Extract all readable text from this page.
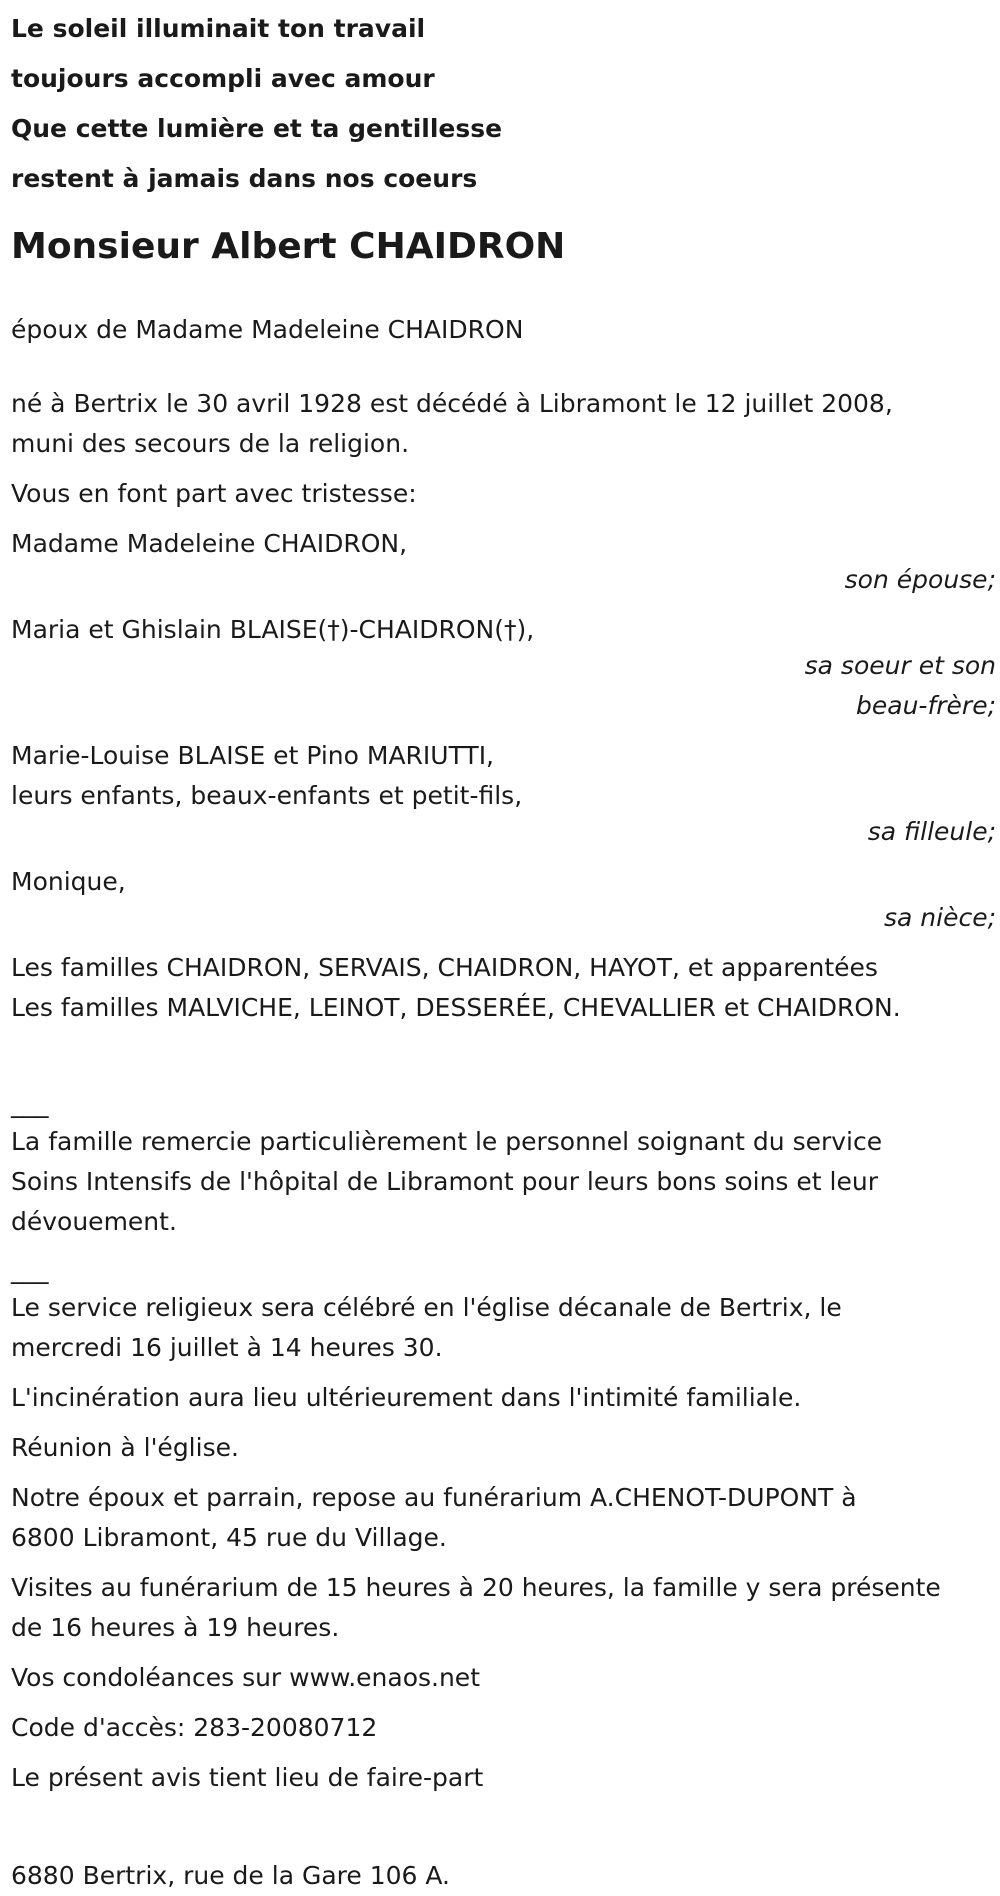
Le soleil illuminait ton travail

toujours accompli avec amour

Que cette lumière et ta gentillesse

restent à jamais dans nos coeurs

Monsieur Albert CHAIDRON

époux de Madame Madeleine CHAIDRON

né à Bertrix le 30 avril 1928 est décédé à Libramont le 12 juillet 2008,

muni des secours de la religion.

Vous en font part avec tristesse:

Madame Madeleine CHAIDRON,

son épouse;

Maria et Ghislain BLAISE(†)-CHAIDRON(†),

sa soeur et son
beau-frère;

Marie-Louise BLAISE et Pino MARIUTTI,

leurs enfants, beaux-enfants et petit-fils,

sa filleule;

Monique,

sa nièce;

Les familles CHAIDRON, SERVAIS, CHAIDRON, HAYOT, et apparentées

Les familles MALVICHE, LEINOT, DESSERÉE, CHEVALLIER et CHAIDRON.

___

La famille remercie particulièrement le personnel soignant du service

Soins Intensifs de l'hôpital de Libramont pour leurs bons soins et leur

dévouement.

___

Le service religieux sera célébré en l'église décanale de Bertrix, le

mercredi 16 juillet à 14 heures 30.

L'incinération aura lieu ultérieurement dans l'intimité familiale.

Réunion à l'église.

Notre époux et parrain, repose au funérarium A.CHENOT-DUPONT à

6800 Libramont, 45 rue du Village.

Visites au funérarium de 15 heures à 20 heures, la famille y sera présente

de 16 heures à 19 heures.

Vos condoléances sur www.enaos.net

Code d'accès: 283-20080712

Le présent avis tient lieu de faire-part

6880 Bertrix, rue de la Gare 106 A.
